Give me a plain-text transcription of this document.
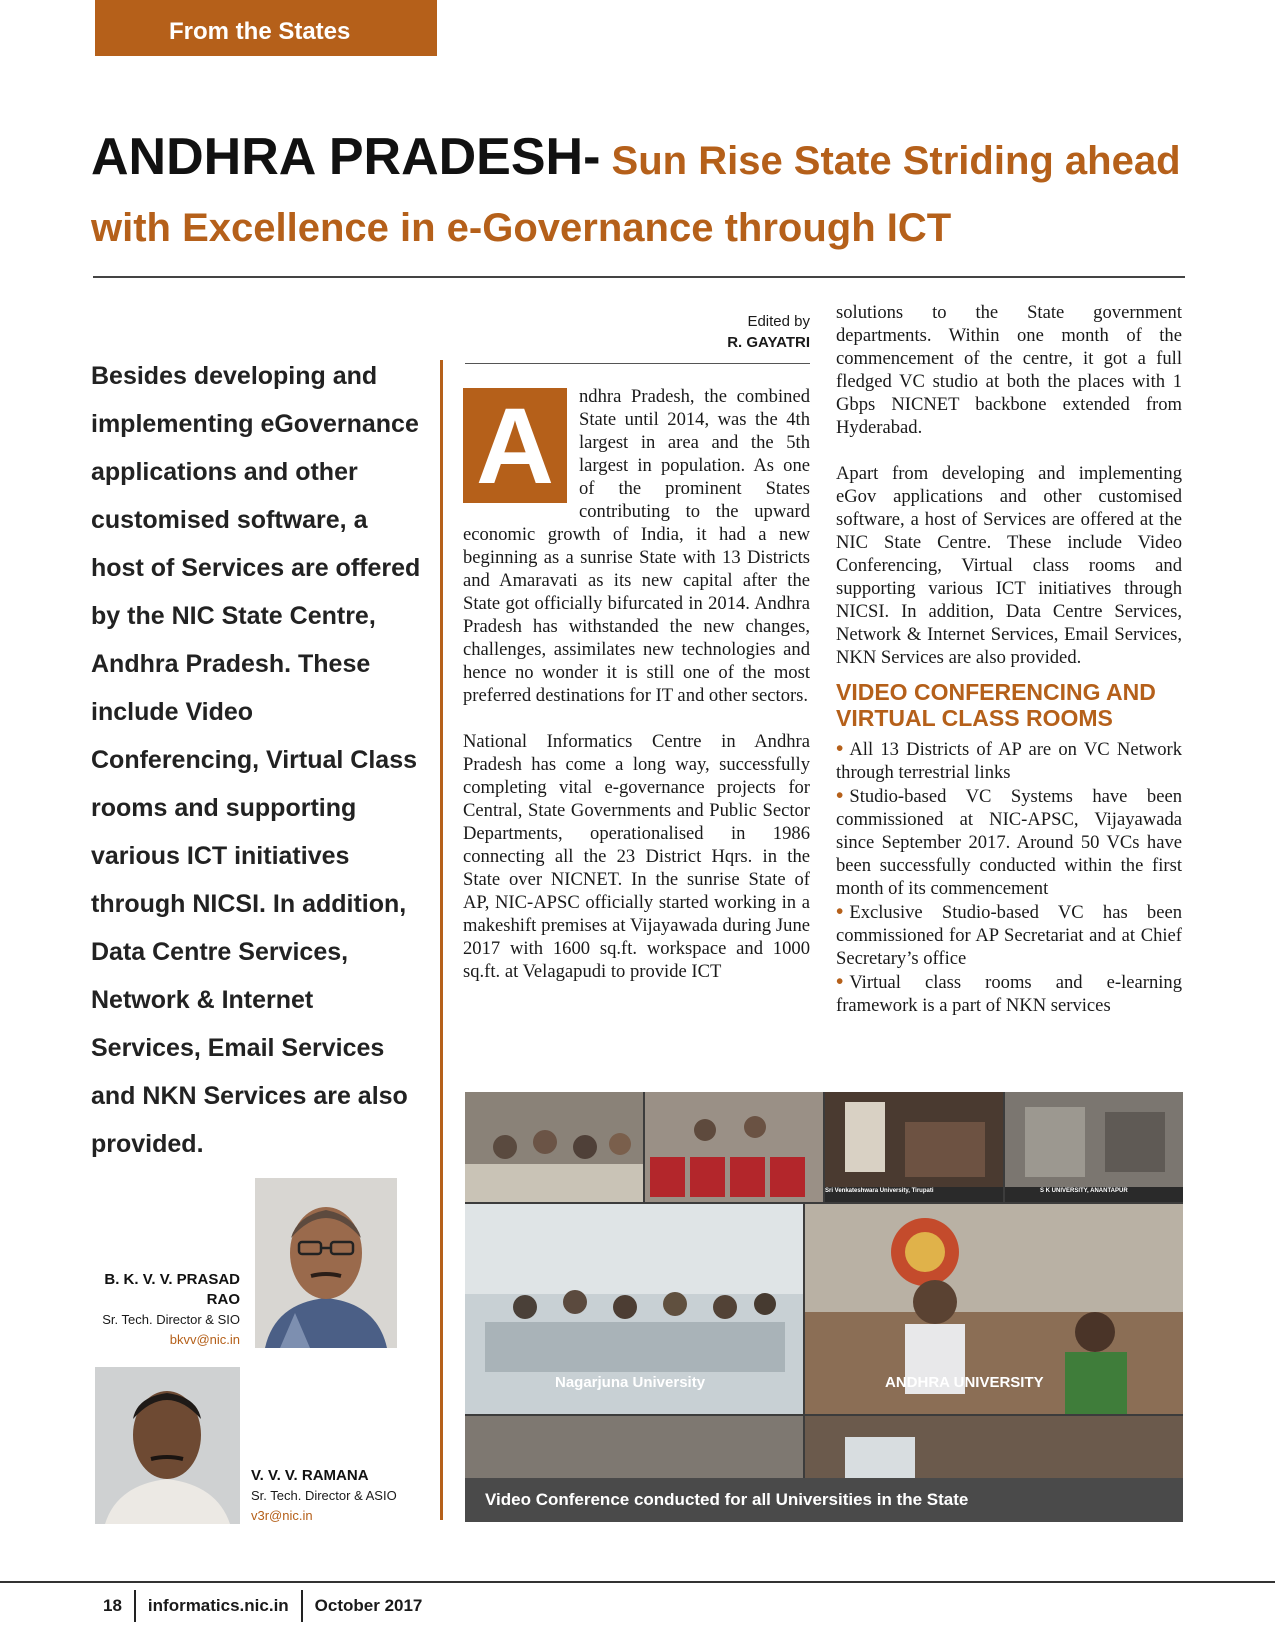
From the States
ANDHRA PRADESH- Sun Rise State Striding ahead with Excellence in e-Governance through ICT
Edited by
R. GAYATRI
Besides developing and implementing eGovernance applications and other customised software, a host of Services are offered by the NIC State Centre, Andhra Pradesh. These include Video Conferencing, Virtual Class rooms and supporting various ICT initiatives through NICSI. In addition, Data Centre Services, Network & Internet Services, Email Services and NKN Services are also provided.

A	ndhra Pradesh, the combined State until 2014, was the 4th largest in area and the 5th largest in population. As one of the prominent States contributing to the upward economic growth of India, it had a new beginning as a sunrise State with 13 Districts and Amaravati as its new capital after the State got officially bifurcated in 2014. Andhra Pradesh has withstanded the new changes, challenges, assimilates new technologies and hence no wonder it is still one of the most preferred destinations for IT and other sectors.

National Informatics Centre in Andhra Pradesh has come a long way, successfully completing vital e-governance projects for Central, State Governments and Public Sector Departments, operationalised in 1986 connecting all the 23 District Hqrs. in the State over NICNET. In the sunrise State of AP, NIC-APSC officially started working in a makeshift premises at Vijayawada during June 2017 with 1600 sq.ft. workspace and 1000 sq.ft. at Velagapudi to provide ICT

solutions to the State government departments. Within one month of the commencement of the centre, it got a full fledged VC studio at both the places with 1 Gbps NICNET backbone extended from Hyderabad.

Apart from developing and implementing eGov applications and other customised software, a host of Services are offered at the NIC State Centre. These include Video Conferencing, Virtual class rooms and supporting various ICT initiatives through NICSI. In addition, Data Centre Services, Network & Internet Services, Email Services, NKN Services are also provided.

VIDEO CONFERENCING AND VIRTUAL CLASS ROOMS

• All 13 Districts of AP are on VC Network through terrestrial links

• Studio-based VC Systems have been commissioned at NIC-APSC, Vijayawada since September 2017. Around 50 VCs have been successfully conducted within the first month of its commencement

• Exclusive Studio-based VC has been commissioned for AP Secretariat and at Chief Secretary’s office

• Virtual class rooms and e-learning framework is a part of NKN services

Nagarjuna University	ANDHRA UNIVERSITY
Sri Venkateshwara University, Tirupati	S K UNIVERSITY, ANANTAPUR
Video Conference conducted for all Universities in the State
B. K. V. V. PRASAD RAO
Sr. Tech. Director & SIO
bkvv@nic.in
V. V. V. RAMANA
Sr. Tech. Director & ASIO
v3r@nic.in
18 informatics.nic.in October 2017
